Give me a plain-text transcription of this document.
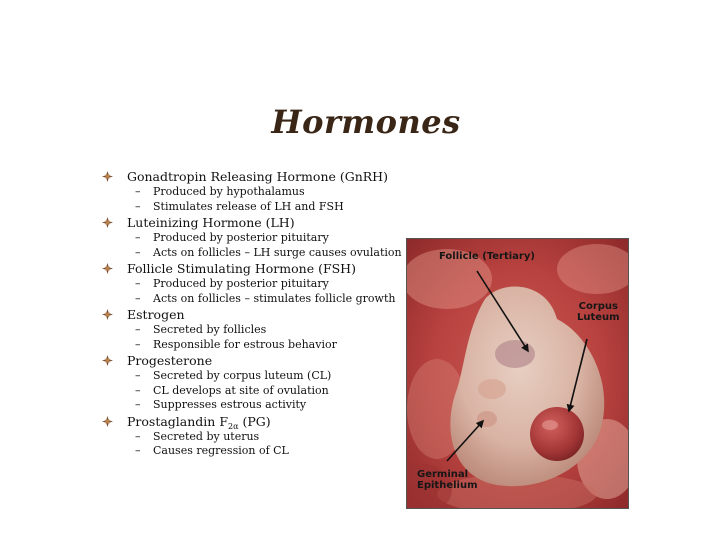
Hormones
Gonadtropin Releasing Hormone (GnRH)
– Produced by hypothalamus
– Stimulates release of LH and FSH
Luteinizing Hormone (LH)
– Produced by posterior pituitary
– Acts on follicles – LH surge causes ovulation
Follicle Stimulating Hormone (FSH)
– Produced by posterior pituitary
– Acts on follicles – stimulates follicle growth
Estrogen
– Secreted by follicles
– Responsible for estrous behavior
Progesterone
– Secreted by corpus luteum (CL)
– CL develops at site of ovulation
– Suppresses estrous activity
Prostaglandin $F_{2\alpha}$ (PG)
– Secreted by uterus
– Causes regression of CL
Follicle (Tertiary)
Corpus
Luteum
Germinal
Epithelium
